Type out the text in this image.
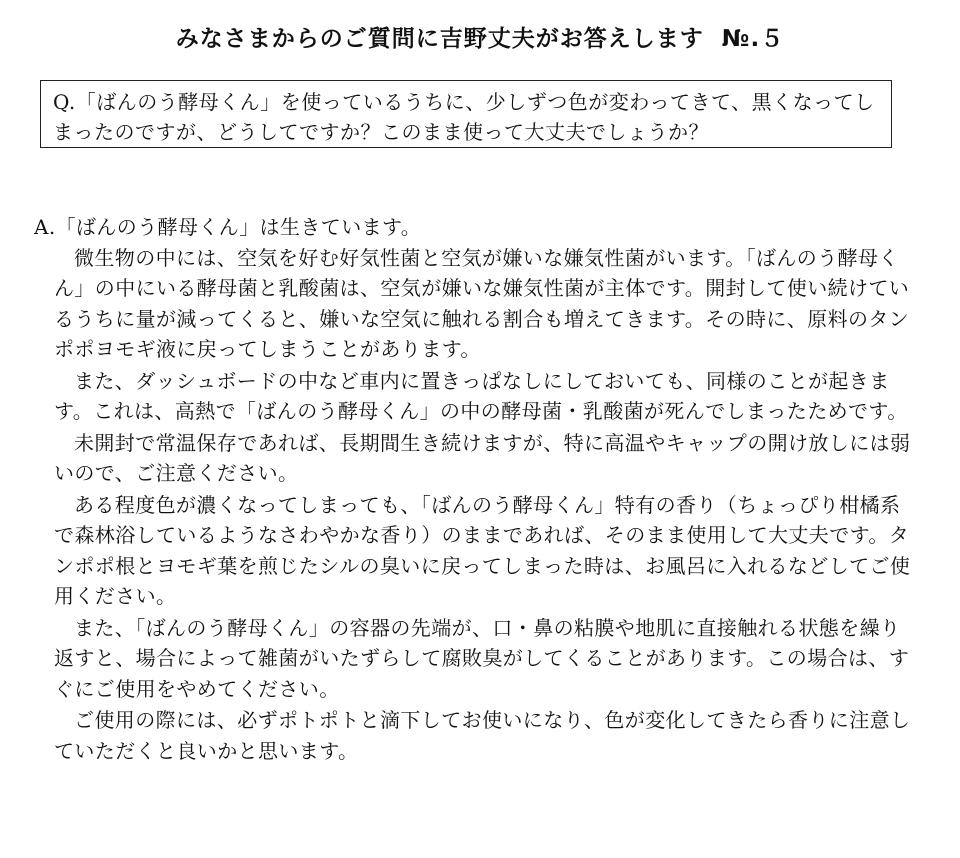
みなさまからのご質問に吉野丈夫がお答えします №.５
Q.「ばんのう酵母くん」を使っているうちに、少しずつ色が変わってきて、黒くなってしまったのですが、どうしてですか？このまま使って大丈夫でしょうか？

A.「ばんのう酵母くん」は生きています。

微生物の中には、空気を好む好気性菌と空気が嫌いな嫌気性菌がいます。「ばんのう酵母くん」の中にいる酵母菌と乳酸菌は、空気が嫌いな嫌気性菌が主体です。開封して使い続けているうちに量が減ってくると、嫌いな空気に触れる割合も増えてきます。その時に、原料のタンポポヨモギ液に戻ってしまうことがあります。

また、ダッシュボードの中など車内に置きっぱなしにしておいても、同様のことが起きます。これは、高熱で「ばんのう酵母くん」の中の酵母菌・乳酸菌が死んでしまったためです。

未開封で常温保存であれば、長期間生き続けますが、特に高温やキャップの開け放しには弱いので、ご注意ください。

ある程度色が濃くなってしまっても、「ばんのう酵母くん」特有の香り（ちょっぴり柑橘系で森林浴しているようなさわやかな香り）のままであれば、そのまま使用して大丈夫です。タンポポ根とヨモギ葉を煎じたシルの臭いに戻ってしまった時は、お風呂に入れるなどしてご使用ください。

また、「ばんのう酵母くん」の容器の先端が、口・鼻の粘膜や地肌に直接触れる状態を繰り返すと、場合によって雑菌がいたずらして腐敗臭がしてくることがあります。この場合は、すぐにご使用をやめてください。

ご使用の際には、必ずポトポトと滴下してお使いになり、色が変化してきたら香りに注意していただくと良いかと思います。
